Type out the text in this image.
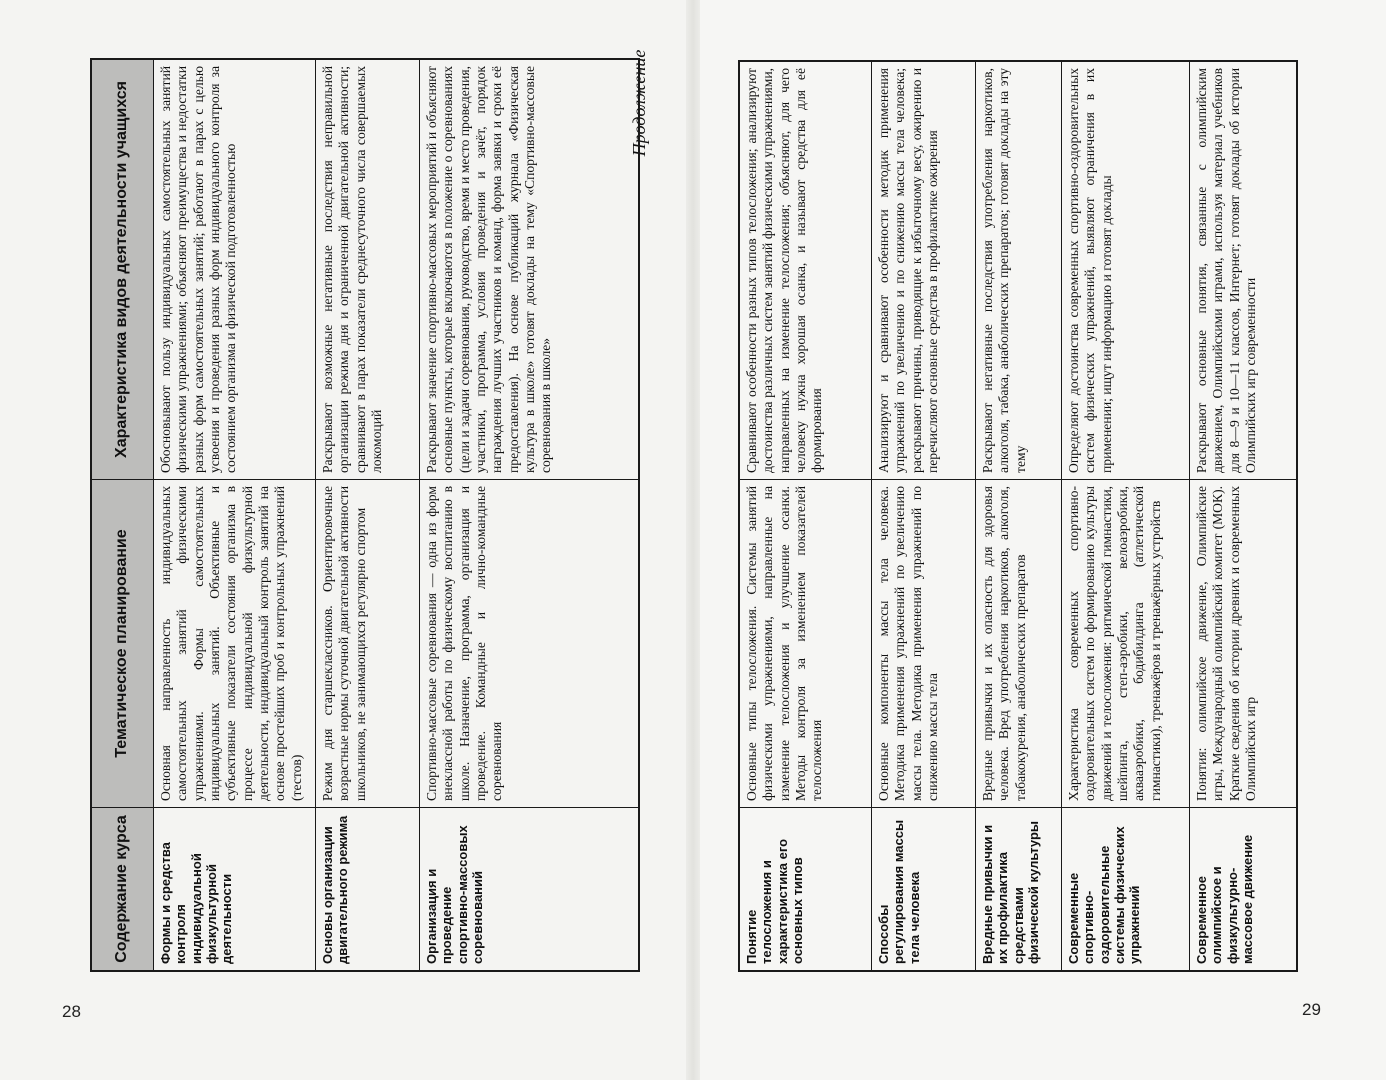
28	29
Продолжение
Содержание курса
Тематическое планирование
Характеристика видов деятельности учащихся
Формы и средства контроля индивидуальной физкультурной деятельности
Основная направленность индивидуальных самостоятельных занятий физическими упражнениями. Формы самостоятельных индивидуальных занятий. Объективные и субъективные показатели состояния организма в процессе индивидуальной физкультурной деятельности, индивидуальный контроль занятий на основе простейших проб и контрольных упражнений (тестов)
Обосновывают пользу индивидуальных самостоятельных занятий физическими упражнениями; объясняют преимущества и недостатки разных форм самостоятельных занятий; работают в парах с целью усвоения и проведения разных форм индивидуального контроля за состоянием организма и физической подготовленностью
Основы организации двигательного режима
Режим дня старшеклассников. Ориентировочные возрастные нормы суточной двигательной активности школьников, не занимающихся регулярно спортом
Раскрывают возможные негативные последствия неправильной организации режима дня и ограниченной двигательной активности; сравнивают в парах показатели среднесуточного числа совершаемых локомоций
Организация и проведение спортивно-массовых соревнований
Спортивно-массовые соревнования — одна из форм внеклассной работы по физическому воспитанию в школе. Назначение, программа, организация и проведение. Командные и лично-командные соревнования
Раскрывают значение спортивно-массовых мероприятий и объясняют основные пункты, которые включаются в положение о соревнованиях (цели и задачи соревнования, руководство, время и место проведения, участники, программа, условия проведения и зачёт, порядок награждения лучших участников и команд, форма заявки и сроки её предоставления). На основе публикаций журнала «Физическая культура в школе» готовят доклады на тему «Спортивно-массовые соревнования в школе»
Понятие телосложения и характеристика его основных типов
Основные типы телосложения. Системы занятий физическими упражнениями, направленные на изменение телосложения и улучшение осанки. Методы контроля за изменением показателей телосложения
Сравнивают особенности разных типов телосложения; анализируют достоинства различных систем занятий физическими упражнениями, направленных на изменение телосложения; объясняют, для чего человеку нужна хорошая осанка, и называют средства для её формирования
Способы регулирования массы тела человека
Основные компоненты массы тела человека. Методика применения упражнений по увеличению массы тела. Методика применения упражнений по снижению массы тела
Анализируют и сравнивают особенности методик применения упражнений по увеличению и по снижению массы тела человека; раскрывают причины, приводящие к избыточному весу, ожирению и перечисляют основные средства в профилактике ожирения
Вредные привычки и их профилактика средствами физической культуры
Вредные привычки и их опасность для здоровья человека. Вред употребления наркотиков, алкоголя, табакокурения, анаболических препаратов
Раскрывают негативные последствия употребления наркотиков, алкоголя, табака, анаболических препаратов; готовят доклады на эту тему
Современные спортивно-оздоровительные системы физических упражнений
Характеристика современных спортивно-оздоровительных систем по формированию культуры движений и телосложения: ритмической гимнастики, шейпинга, степ-аэробики, велоаэробики, аквааэробики, бодибилдинга (атлетической гимнастики), тренажёров и тренажёрных устройств
Определяют достоинства современных спортивно-оздоровительных систем физических упражнений, выявляют ограничения в их применении; ищут информацию и готовят доклады
Современное олимпийское и физкультурно-массовое движение
Понятия: олимпийское движение, Олимпийские игры, Международный олимпийский комитет (МОК). Краткие сведения об истории древних и современных Олимпийских игр
Раскрывают основные понятия, связанные с олимпийским движением, Олимпийскими играми, используя материал учебников для 8—9 и 10—11 классов, Интернет; готовят доклады об истории Олимпийских игр современности
